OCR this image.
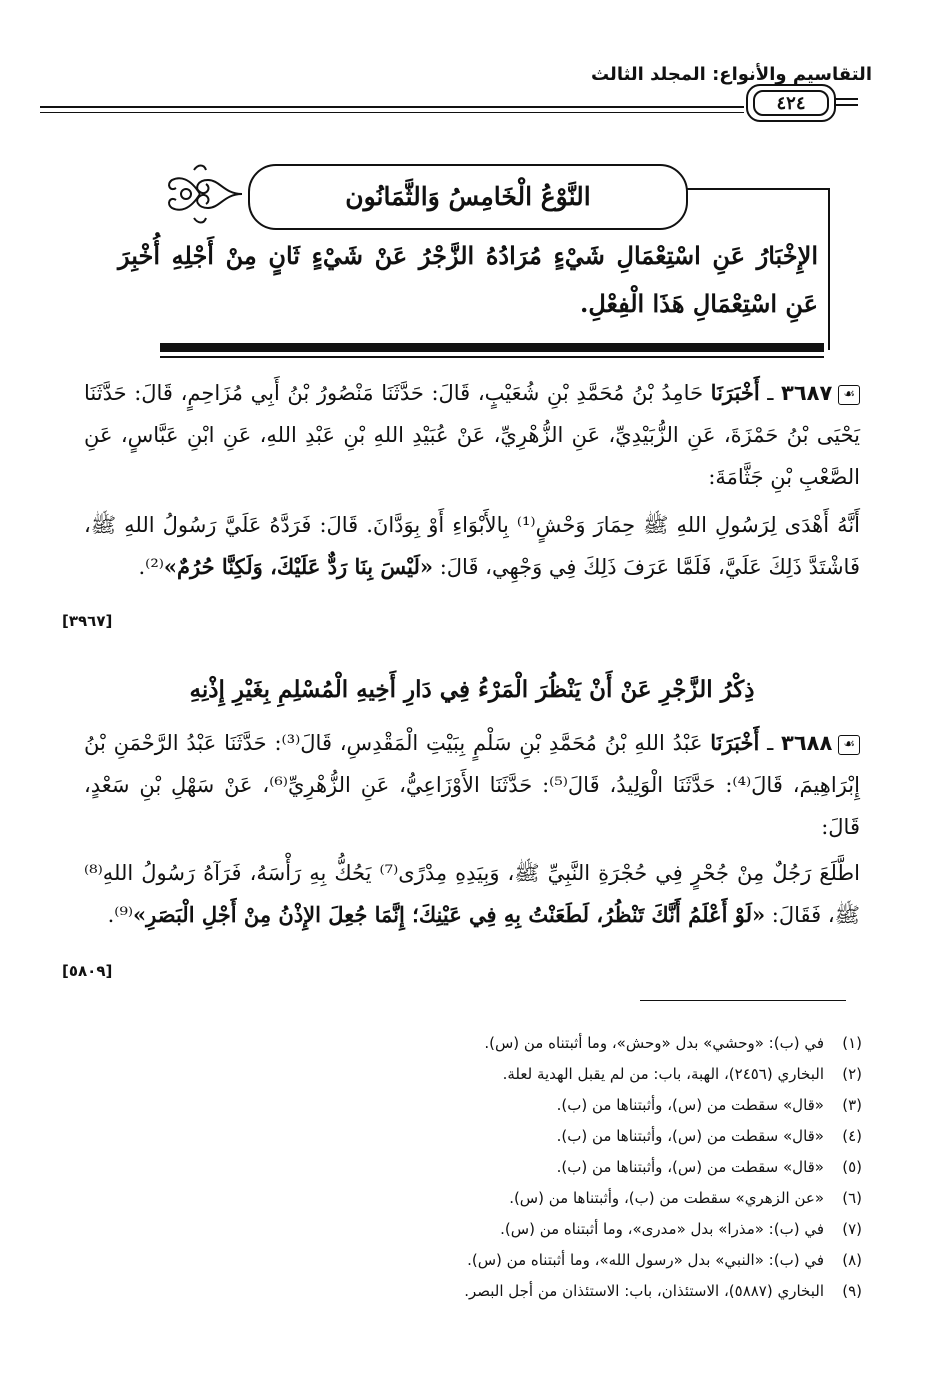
التقاسيم والأنواع: المجلد الثالث
٤٢٤
النَّوْعُ الْخَامِسُ وَالثَّمَانُون
الإِخْبَارُ عَنِ اسْتِعْمَالِ شَيْءٍ مُرَادُهُ الزَّجْرُ عَنْ شَيْءٍ ثَانٍ مِنْ أَجْلِهِ أُخْبِرَ عَنِ اسْتِعْمَالِ هَذَا الْفِعْلِ.
☙٣٦٨٧ ـ أَخْبَرَنَا حَامِدُ بْنُ مُحَمَّدِ بْنِ شُعَيْبٍ، قَالَ: حَدَّثَنَا مَنْصُورُ بْنُ أَبِي مُزَاحِمٍ، قَالَ: حَدَّثَنَا يَحْيَى بْنُ حَمْزَةَ، عَنِ الزُّبَيْدِيِّ، عَنِ الزُّهْرِيِّ، عَنْ عُبَيْدِ اللهِ بْنِ عَبْدِ اللهِ، عَنِ ابْنِ عَبَّاسٍ، عَنِ الصَّعْبِ بْنِ جَثَّامَةَ:
أَنَّهُ أَهْدَى لِرَسُولِ اللهِ ﷺ حِمَارَ وَحْشٍ⁽¹⁾ بِالأَبْوَاءِ أَوْ بِوَدَّانَ. قَالَ: فَرَدَّهُ عَلَيَّ رَسُولُ اللهِ ﷺ، فَاشْتَدَّ ذَلِكَ عَلَيَّ، فَلَمَّا عَرَفَ ذَلِكَ فِي وَجْهِي، قَالَ: «لَيْسَ بِنَا رَدٌّ عَلَيْكَ، وَلَكِنَّا حُرُمٌ»⁽²⁾.
[٣٩٦٧]
ذِكْرُ الزَّجْرِ عَنْ أَنْ يَنْظُرَ الْمَرْءُ فِي دَارِ أَخِيهِ الْمُسْلِمِ بِغَيْرِ إِذْنِهِ
☙٣٦٨٨ ـ أَخْبَرَنَا عَبْدُ اللهِ بْنُ مُحَمَّدِ بْنِ سَلْمٍ بِبَيْتِ الْمَقْدِسِ، قَالَ⁽³⁾: حَدَّثَنَا عَبْدُ الرَّحْمَنِ بْنُ إِبْرَاهِيمَ، قَالَ⁽⁴⁾: حَدَّثَنَا الْوَلِيدُ، قَالَ⁽⁵⁾: حَدَّثَنَا الأَوْزَاعِيُّ، عَنِ الزُّهْرِيِّ⁽⁶⁾، عَنْ سَهْلِ بْنِ سَعْدٍ، قَالَ:
اطَّلَعَ رَجُلٌ مِنْ جُحْرٍ فِي حُجْرَةِ النَّبِيِّ ﷺ، وَبِيَدِهِ مِدْرًى⁽⁷⁾ يَحُكُّ بِهِ رَأْسَهُ، فَرَآهُ رَسُولُ اللهِ⁽⁸⁾ ﷺ، فَقَالَ: «لَوْ أَعْلَمُ أَنَّكَ تَنْظُرُ، لَطَعَنْتُ بِهِ فِي عَيْنِكَ؛ إِنَّمَا جُعِلَ الإِذْنُ مِنْ أَجْلِ الْبَصَرِ»⁽⁹⁾.
[٥٨٠٩]
(١)
في (ب): «وحشي» بدل «وحش»، وما أثبتناه من (س).
(٢)
البخاري (٢٤٥٦)، الهبة، باب: من لم يقبل الهدية لعلة.
(٣)
«قال» سقطت من (س)، وأثبتناها من (ب).
(٤)
«قال» سقطت من (س)، وأثبتناها من (ب).
(٥)
«قال» سقطت من (س)، وأثبتناها من (ب).
(٦)
«عن الزهري» سقطت من (ب)، وأثبتناها من (س).
(٧)
في (ب): «مذرا» بدل «مدرى»، وما أثبتناه من (س).
(٨)
في (ب): «النبي» بدل «رسول الله»، وما أثبتناه من (س).
(٩)
البخاري (٥٨٨٧)، الاستئذان، باب: الاستئذان من أجل البصر.
